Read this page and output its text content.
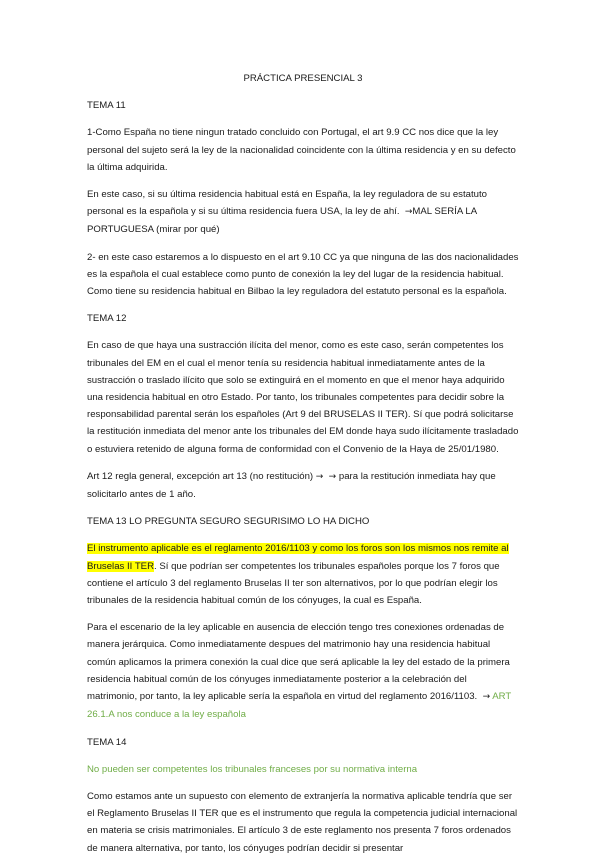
PRÁCTICA PRESENCIAL 3
TEMA 11

1-Como España no tiene ningun tratado concluido con Portugal, el art 9.9 CC nos dice que la ley personal del sujeto será la ley de la nacionalidad coincidente con la última residencia y en su defecto la última adquirida.

En este caso, si su última residencia habitual está en España, la ley reguladora de su estatuto personal es la española y si su última residencia fuera USA, la ley de ahí. →MAL SERÍA LA PORTUGUESA (mirar por qué)

2- en este caso estaremos a lo dispuesto en el art 9.10 CC ya que ninguna de las dos nacionalidades es la española el cual establece como punto de conexión la ley del lugar de la residencia habitual. Como tiene su residencia habitual en Bilbao la ley reguladora del estatuto personal es la española.

TEMA 12

En caso de que haya una sustracción ilícita del menor, como es este caso, serán competentes los tribunales del EM en el cual el menor tenía su residencia habitual inmediatamente antes de la sustracción o traslado ilícito que solo se extinguirá en el momento en que el menor haya adquirido una residencia habitual en otro Estado. Por tanto, los tribunales competentes para decidir sobre la responsabilidad parental serán los españoles (Art 9 del BRUSELAS II TER). Sí que podrá solicitarse la restitución inmediata del menor ante los tribunales del EM donde haya sudo ilícitamente trasladado o estuviera retenido de alguna forma de conformidad con el Convenio de la Haya de 25/01/1980.

Art 12 regla general, excepción art 13 (no restitución) → → para la restitución inmediata hay que solicitarlo antes de 1 año.

TEMA 13 LO PREGUNTA SEGURO SEGURISIMO LO HA DICHO

El instrumento aplicable es el reglamento 2016/1103 y como los foros son los mismos nos remite al Bruselas II TER. Sí que podrían ser competentes los tribunales españoles porque los 7 foros que contiene el artículo 3 del reglamento Bruselas II ter son alternativos, por lo que podrían elegir los tribunales de la residencia habitual común de los cónyuges, la cual es España.

Para el escenario de la ley aplicable en ausencia de elección tengo tres conexiones ordenadas de manera jerárquica. Como inmediatamente despues del matrimonio hay una residencia habitual común aplicamos la primera conexión la cual dice que será aplicable la ley del estado de la primera residencia habitual común de los cónyuges inmediatamente posterior a la celebración del matrimonio, por tanto, la ley aplicable sería la española en virtud del reglamento 2016/1103. → ART 26.1.A nos conduce a la ley española

TEMA 14

No pueden ser competentes los tribunales franceses por su normativa interna

Como estamos ante un supuesto con elemento de extranjería la normativa aplicable tendría que ser el Reglamento Bruselas II TER que es el instrumento que regula la competencia judicial internacional en materia se crisis matrimoniales. El artículo 3 de este reglamento nos presenta 7 foros ordenados de manera alternativa, por tanto, los cónyuges podrían decidir si presentar
